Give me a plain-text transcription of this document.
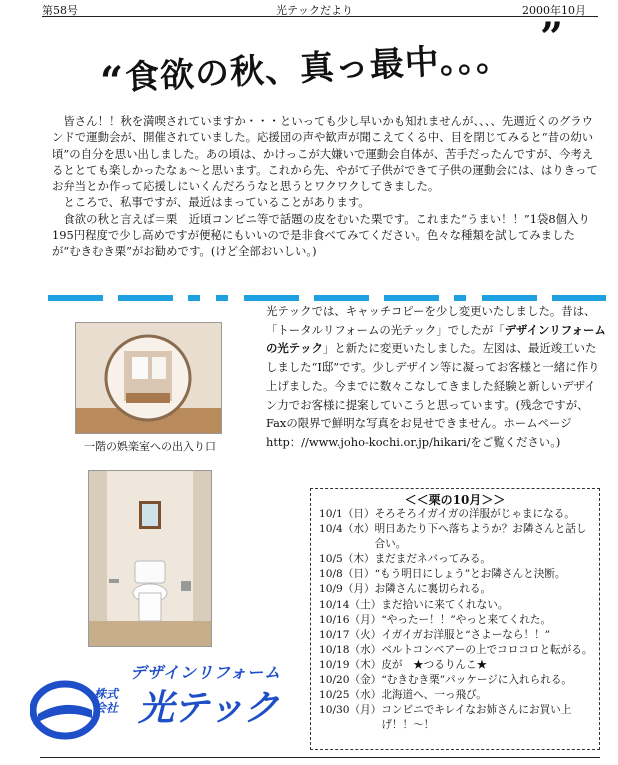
第58号	光テックだより	2000年10月
“ 食欲の秋、真っ最中。。。
”

皆さん！！秋を満喫されていますか・・・といっても少し早いかも知れませんが、、、、先週近くのグラウンドで運動会が、開催されていました。応援団の声や歓声が聞こえてくる中、目を閉じてみると“昔の幼い頃”の自分を思い出しました。あの頃は、かけっこが大嫌いで運動会自体が、苦手だったんですが、今考えるととても楽しかったなぁ～と思います。これから先、やがて子供ができて子供の運動会には、はりきってお弁当とか作って応援しにいくんだろうなと思うとワクワクしてきました。

ところで、私事ですが、最近はまっていることがあります。

食欲の秋と言えば＝栗　近頃コンビニ等で話題の皮をむいた栗です。これまた“うまい！！”1袋8個入り195円程度で少し高めですが便秘にもいいので是非食べてみてください。色々な種類を試してみましたが“むきむき栗”がお勧めです。(けど全部おいしい。)

一階の娯楽室への出入り口

光テックでは、キャッチコピーを少し変更いたしました。昔は、「トータルリフォームの光テック」でしたが「デザインリフォームの光テック」と新たに変更いたしました。左図は、最近竣工いたしました“I邸”です。少しデザイン等に凝ってお客様と一緒に作り上げました。今までに数々こなしてきました経験と新しいデザイン力でお客様に提案していこうと思っています。(残念ですが、Faxの限界で鮮明な写真をお見せできません。ホームページhttp：//www.joho-kochi.or.jp/hikari/をご覧ください。)

＜＜栗の10月＞＞
10/1（日） そろそろイガイガの洋服がじゃまになる。
10/4（水） 明日あたり下へ落ちようか？お隣さんと話し合い。
10/5（木） まだまだネバってみる。
10/8（日） “もう明日にしょう”とお隣さんと決断。
10/9（月） お隣さんに裏切られる。
10/14（土） まだ拾いに来てくれない。
10/16（月） “やったー！！”やっと来てくれた。
10/17（火） イガイガお洋服と“さよーなら！！”
10/18（水） ベルトコンベアーの上でコロコロと転がる。
10/19（木） 皮が　★つるりんこ★
10/20（金） “むきむき栗”パッケージに入れられる。
10/25（水） 北海道へ、一っ飛び。
10/30（月） コンビニでキレイなお姉さんにお買い上げ！！～！
デザインリフォーム
株式
会社 光テック
